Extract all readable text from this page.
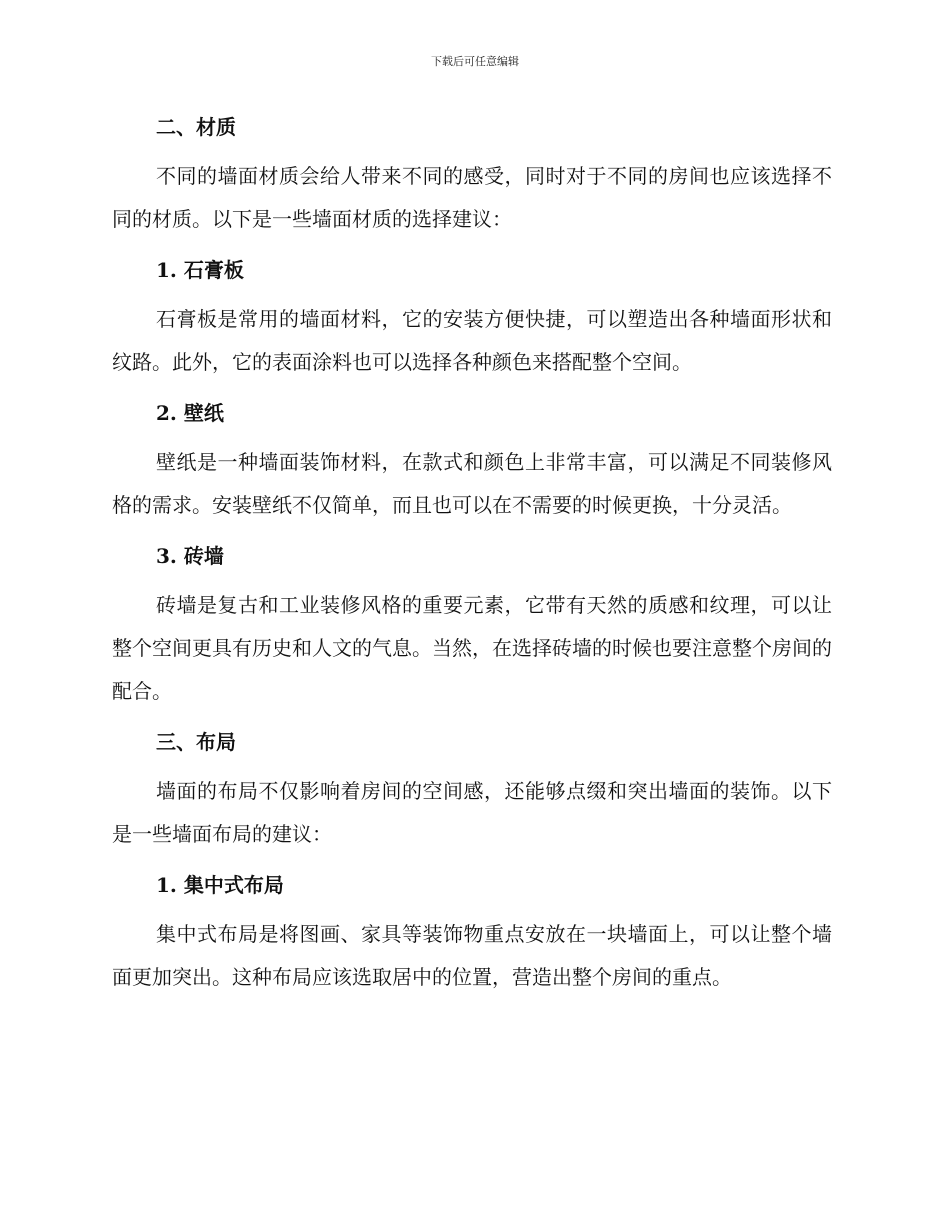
下载后可任意编辑
二、材质

不同的墙面材质会给人带来不同的感受，同时对于不同的房间也应该选择不同的材质。以下是一些墙面材质的选择建议：

1. 石膏板

石膏板是常用的墙面材料，它的安装方便快捷，可以塑造出各种墙面形状和纹路。此外，它的表面涂料也可以选择各种颜色来搭配整个空间。

2. 壁纸

壁纸是一种墙面装饰材料，在款式和颜色上非常丰富，可以满足不同装修风格的需求。安装壁纸不仅简单，而且也可以在不需要的时候更换，十分灵活。

3. 砖墙

砖墙是复古和工业装修风格的重要元素，它带有天然的质感和纹理，可以让整个空间更具有历史和人文的气息。当然，在选择砖墙的时候也要注意整个房间的配合。

三、布局

墙面的布局不仅影响着房间的空间感，还能够点缀和突出墙面的装饰。以下是一些墙面布局的建议：

1. 集中式布局

集中式布局是将图画、家具等装饰物重点安放在一块墙面上，可以让整个墙面更加突出。这种布局应该选取居中的位置，营造出整个房间的重点。
